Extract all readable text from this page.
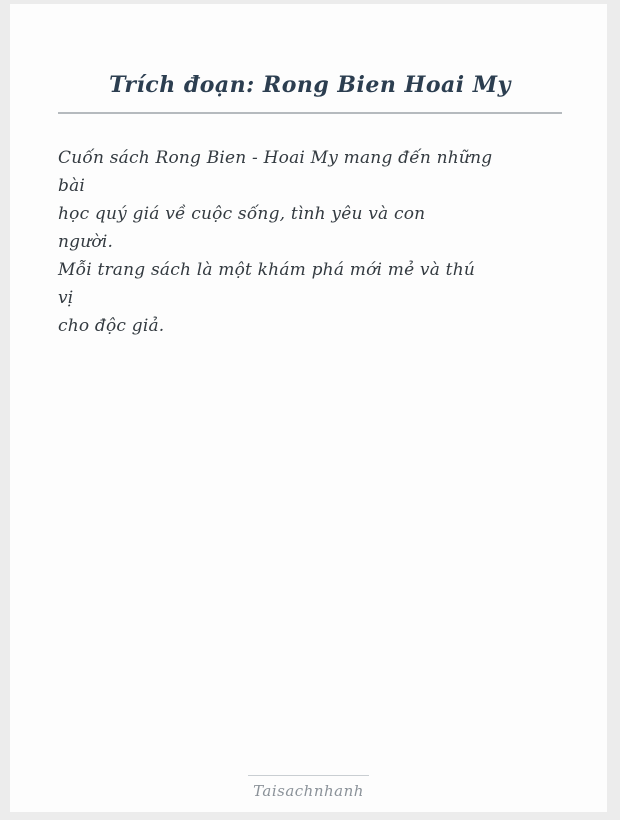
Trích đoạn: Rong Bien Hoai My

Cuốn sách Rong Bien - Hoai My mang đến những

bài

học quý giá về cuộc sống, tình yêu và con

người.

Mỗi trang sách là một khám phá mới mẻ và thú

vị

cho độc giả.

Taisachnhanh
